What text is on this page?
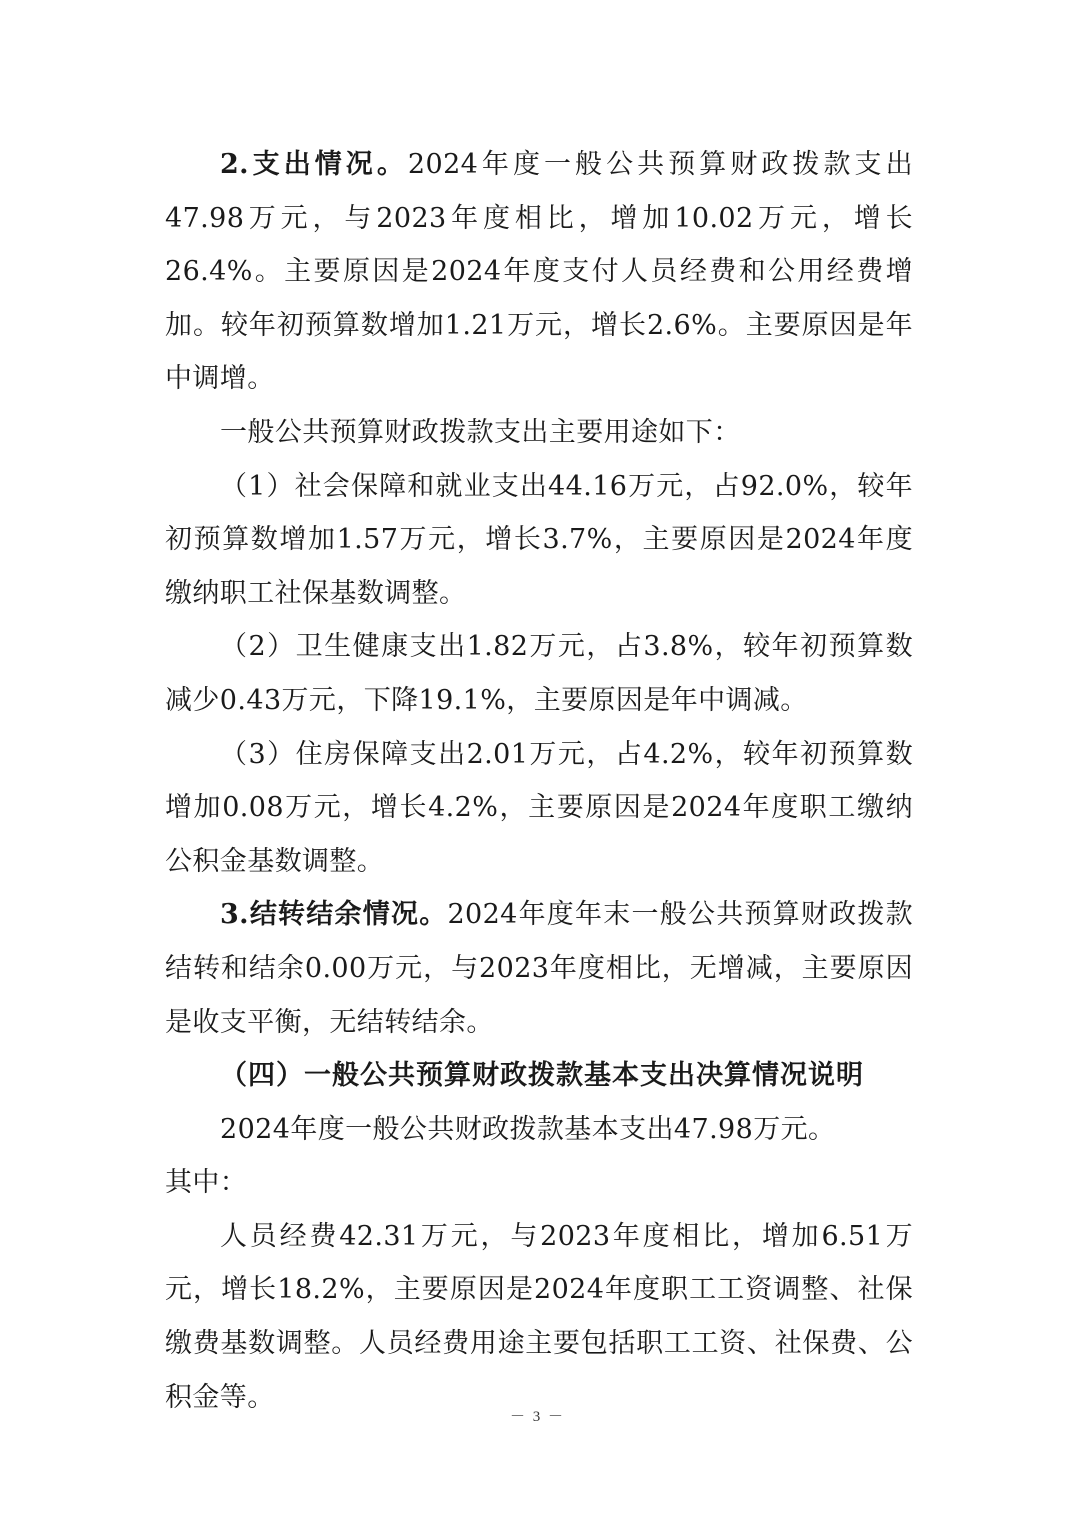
2.支出情况。2024年度一般公共预算财政拨款支出47.98万元，与2023年度相比，增加10.02万元，增长26.4%。主要原因是2024年度支付人员经费和公用经费增加。较年初预算数增加1.21万元，增长2.6%。主要原因是年中调增。

一般公共预算财政拨款支出主要用途如下：

（1）社会保障和就业支出44.16万元，占92.0%，较年初预算数增加1.57万元，增长3.7%，主要原因是2024年度缴纳职工社保基数调整。

（2）卫生健康支出1.82万元，占3.8%，较年初预算数减少0.43万元，下降19.1%，主要原因是年中调减。

（3）住房保障支出2.01万元，占4.2%，较年初预算数增加0.08万元，增长4.2%，主要原因是2024年度职工缴纳公积金基数调整。

3.结转结余情况。2024年度年末一般公共预算财政拨款结转和结余0.00万元，与2023年度相比，无增减，主要原因是收支平衡，无结转结余。

（四）一般公共预算财政拨款基本支出决算情况说明

2024年度一般公共财政拨款基本支出47.98万元。

其中：

人员经费42.31万元，与2023年度相比，增加6.51万元，增长18.2%，主要原因是2024年度职工工资调整、社保缴费基数调整。人员经费用途主要包括职工工资、社保费、公积金等。

－ 3 －
